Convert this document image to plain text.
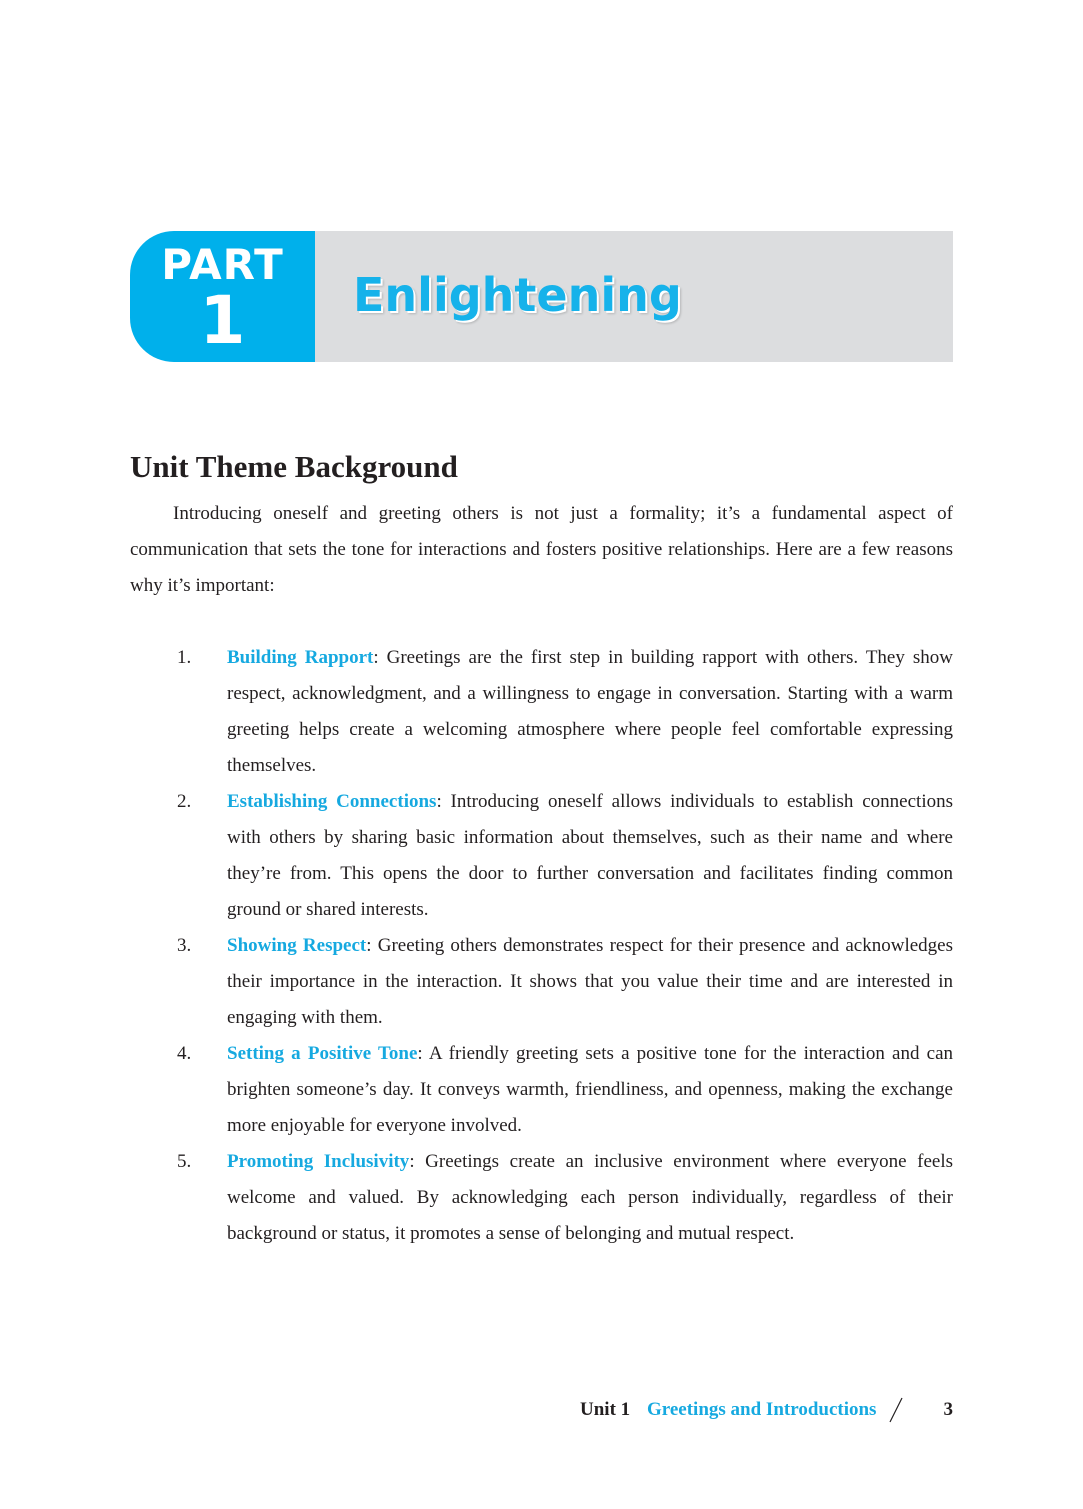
PART
1	Enlightening
Unit Theme Background

Introducing oneself and greeting others is not just a formality; it’s a fundamental aspect of communication that sets the tone for interactions and fosters positive relationships. Here are a few reasons why it’s important:

1. Building Rapport: Greetings are the first step in building rapport with others. They show respect, acknowledgment, and a willingness to engage in conversation. Starting with a warm greeting helps create a welcoming atmosphere where people feel comfortable expressing themselves.
2. Establishing Connections: Introducing oneself allows individuals to establish connections with others by sharing basic information about themselves, such as their name and where they’re from. This opens the door to further conversation and facilitates finding common ground or shared interests.
3. Showing Respect: Greeting others demonstrates respect for their presence and acknowledges their importance in the interaction. It shows that you value their time and are interested in engaging with them.
4. Setting a Positive Tone: A friendly greeting sets a positive tone for the interaction and can brighten someone’s day. It conveys warmth, friendliness, and openness, making the exchange more enjoyable for everyone involved.
5. Promoting Inclusivity: Greetings create an inclusive environment where everyone feels welcome and valued. By acknowledging each person individually, regardless of their background or status, it promotes a sense of belonging and mutual respect.
Unit 1 Greetings and Introductions	3
